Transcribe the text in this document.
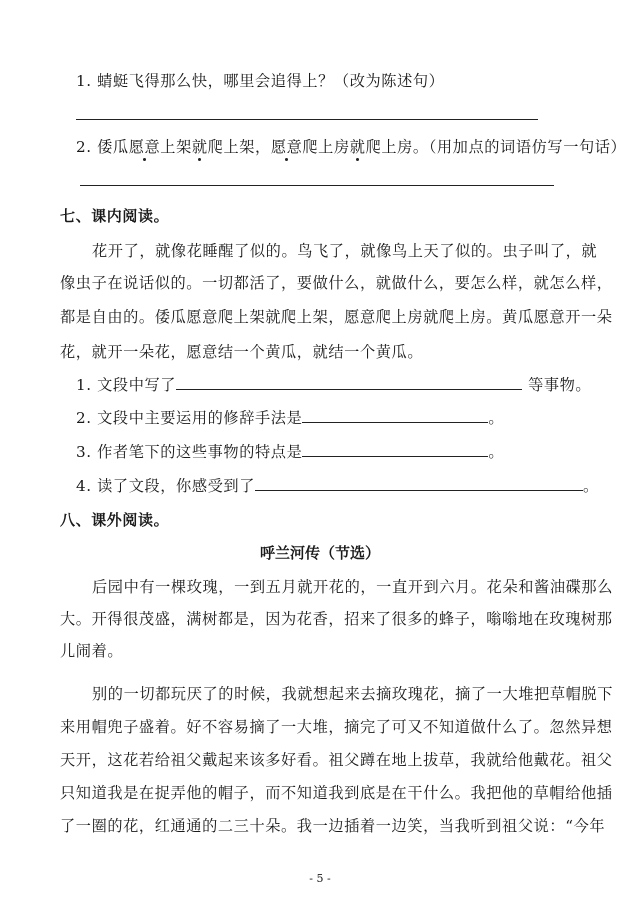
1. 蜻蜓飞得那么快，哪里会追得上？（改为陈述句）
2. 倭瓜愿意上架就爬上架，愿意爬上房就爬上房。（用加点的词语仿写一句话）
七、课内阅读。
花开了，就像花睡醒了似的。鸟飞了，就像鸟上天了似的。虫子叫了，就
像虫子在说话似的。一切都活了，要做什么，就做什么，要怎么样，就怎么样，
都是自由的。倭瓜愿意爬上架就爬上架，愿意爬上房就爬上房。黄瓜愿意开一朵
花，就开一朵花，愿意结一个黄瓜，就结一个黄瓜。
1. 文段中写了	等事物。
2. 文段中主要运用的修辞手法是	。
3. 作者笔下的这些事物的特点是	。
4. 读了文段，你感受到了	。
八、课外阅读。
呼兰河传（节选）
后园中有一棵玫瑰，一到五月就开花的，一直开到六月。花朵和酱油碟那么
大。开得很茂盛，满树都是，因为花香，招来了很多的蜂子，嗡嗡地在玫瑰树那
儿闹着。
别的一切都玩厌了的时候，我就想起来去摘玫瑰花，摘了一大堆把草帽脱下
来用帽兜子盛着。好不容易摘了一大堆，摘完了可又不知道做什么了。忽然异想
天开，这花若给祖父戴起来该多好看。祖父蹲在地上拔草，我就给他戴花。祖父
只知道我是在捉弄他的帽子，而不知道我到底是在干什么。我把他的草帽给他插
了一圈的花，红通通的二三十朵。我一边插着一边笑，当我听到祖父说：“今年
- 5 -
